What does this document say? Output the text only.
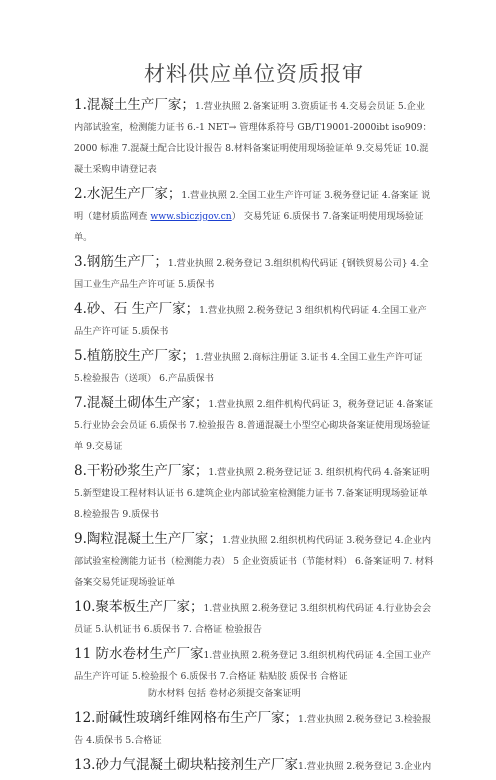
材料供应单位资质报审
1.混凝土生产厂家；1.营业执照 2.备案证明 3.资质证书 4.交易会员证 5.企业内部试验室，检测能力证书 6.-1 NET→ 管理体系符号 GB/T19001-2000ibt iso909：2000 标准 7.混凝土配合比设计报告 8.材料备案证明使用现场验证单 9.交易凭证 10.混凝土采购申请登记表
2.水泥生产厂家；1.营业执照 2.全国工业生产许可证 3.税务登记证 4.备案证 说明（建材质监网查 www.sbiczjgov.cn） 交易凭证 6.质保书 7.备案证明使用现场验证单。
3.钢筋生产厂；1.营业执照 2.税务登记 3.组织机构代码证 {钢铁贸易公司} 4.全国工业生产品生产许可证 5.质保书
4.砂、石 生产厂家；1.营业执照 2.税务登记 3 组织机构代码证 4.全国工业产品生产许可证 5.质保书
5.植筋胶生产厂家；1.营业执照 2.商标注册证 3.证书 4.全国工业生产许可证 5.检验报告（送项） 6.产品质保书
7.混凝土砌体生产家；1.营业执照 2.组件机构代码证 3，税务登记证 4.备案证 5.行业协会会员证 6.质保书 7.检验报告 8.普通混凝土小型空心砌块备案证使用现场验证单 9.交易证
8.干粉砂浆生产厂家；1.营业执照 2.税务登记证 3. 组织机构代码 4.备案证明 5.新型建设工程材料认证书 6.建筑企业内部试验室检测能力证书 7.备案证明现场验证单 8.检验报告 9.质保书
9.陶粒混凝土生产厂家；1.营业执照 2.组织机构代码证 3.税务登记 4.企业内部试验室检测能力证书（检测能力表） 5 企业资质证书（节能材料） 6.备案证明 7. 材料备案交易凭证现场验证单
10.聚苯板生产厂家；1.营业执照 2.税务登记 3.组织机构代码证 4.行业协会会员证 5.认机证书 6.质保书 7. 合格证 检验报告
11 防水卷材生产厂家1.营业执照 2.税务登记 3.组织机构代码证 4.全国工业产品生产许可证 5.检验报个 6.质保书 7.合格证 粘贴胶 质保书 合格证
防水材料 包括 卷材必须提交备案证明
12.耐碱性玻璃纤维网格布生产厂家；1.营业执照 2.税务登记 3.检验报告 4.质保书 5.合格证
13.砂力气混凝土砌块粘接剂生产厂家1.营业执照 2.税务登记 3.企业内
